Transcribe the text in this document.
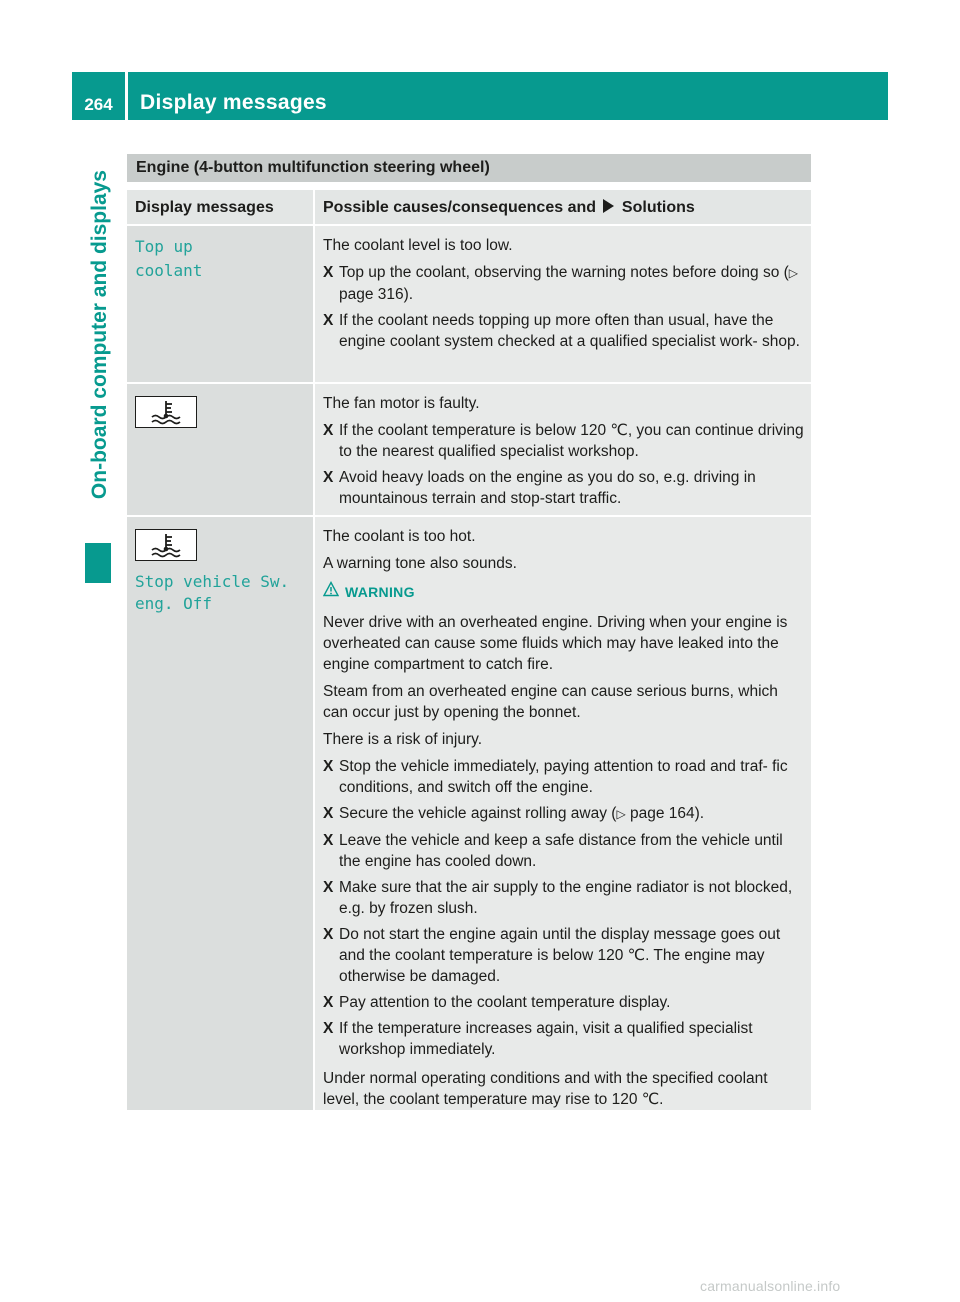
264	Display messages
On-board computer and displays
Engine (4-button multifunction steering wheel)
Display messages	Possible causes/consequences and Solutions
Top up
coolant
The coolant level is too low.
X Top up the coolant, observing the warning notes before doing so (▷ page 316).
X If the coolant needs topping up more often than usual, have the engine coolant system checked at a qualified specialist work- shop.
The fan motor is faulty.
X If the coolant temperature is below 120 ℃, you can continue driving to the nearest qualified specialist workshop.
X Avoid heavy loads on the engine as you do so, e.g. driving in mountainous terrain and stop-start traffic.
Stop vehicle Sw.
eng. Off
The coolant is too hot.
A warning tone also sounds.
WARNING
Never drive with an overheated engine. Driving when your engine is overheated can cause some fluids which may have leaked into the engine compartment to catch fire.
Steam from an overheated engine can cause serious burns, which can occur just by opening the bonnet.
There is a risk of injury.
X Stop the vehicle immediately, paying attention to road and traf- fic conditions, and switch off the engine.
X Secure the vehicle against rolling away (▷ page 164).
X Leave the vehicle and keep a safe distance from the vehicle until the engine has cooled down.
X Make sure that the air supply to the engine radiator is not blocked, e.g. by frozen slush.
X Do not start the engine again until the display message goes out and the coolant temperature is below 120 ℃. The engine may otherwise be damaged.
X Pay attention to the coolant temperature display.
X If the temperature increases again, visit a qualified specialist workshop immediately.
Under normal operating conditions and with the specified coolant level, the coolant temperature may rise to 120 ℃.
carmanualsonline.info
